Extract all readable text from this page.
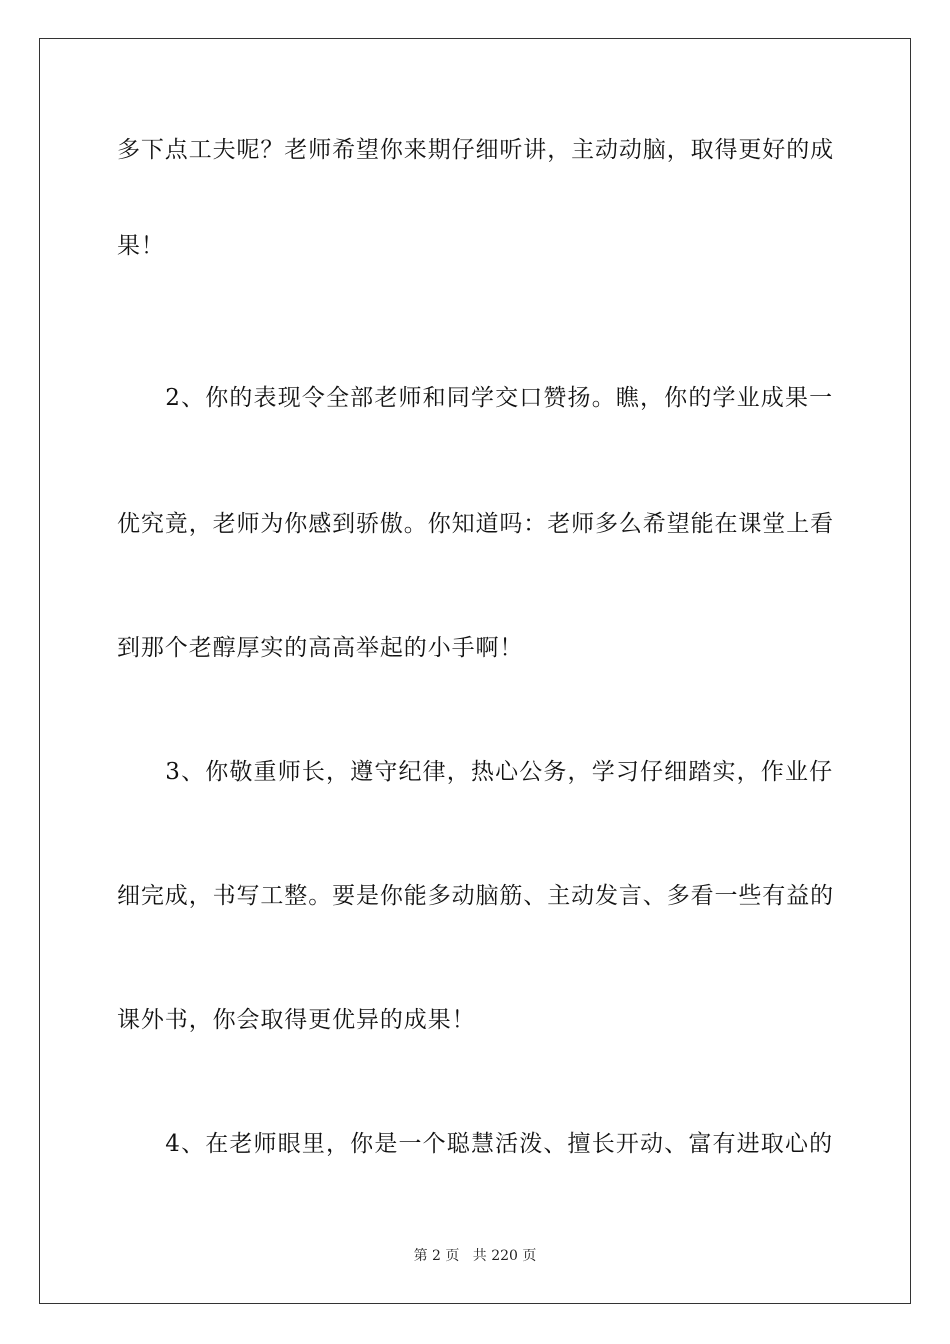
多下点工夫呢？老师希望你来期仔细听讲，主动动脑，取得更好的成
果！
　　2、你的表现令全部老师和同学交口赞扬。瞧，你的学业成果一
优究竟，老师为你感到骄傲。你知道吗：老师多么希望能在课堂上看
到那个老醇厚实的高高举起的小手啊！
　　3、你敬重师长，遵守纪律，热心公务，学习仔细踏实，作业仔
细完成，书写工整。要是你能多动脑筋、主动发言、多看一些有益的
课外书，你会取得更优异的成果！
　　4、在老师眼里，你是一个聪慧活泼、擅长开动、富有进取心的
第 2 页 共 220 页
